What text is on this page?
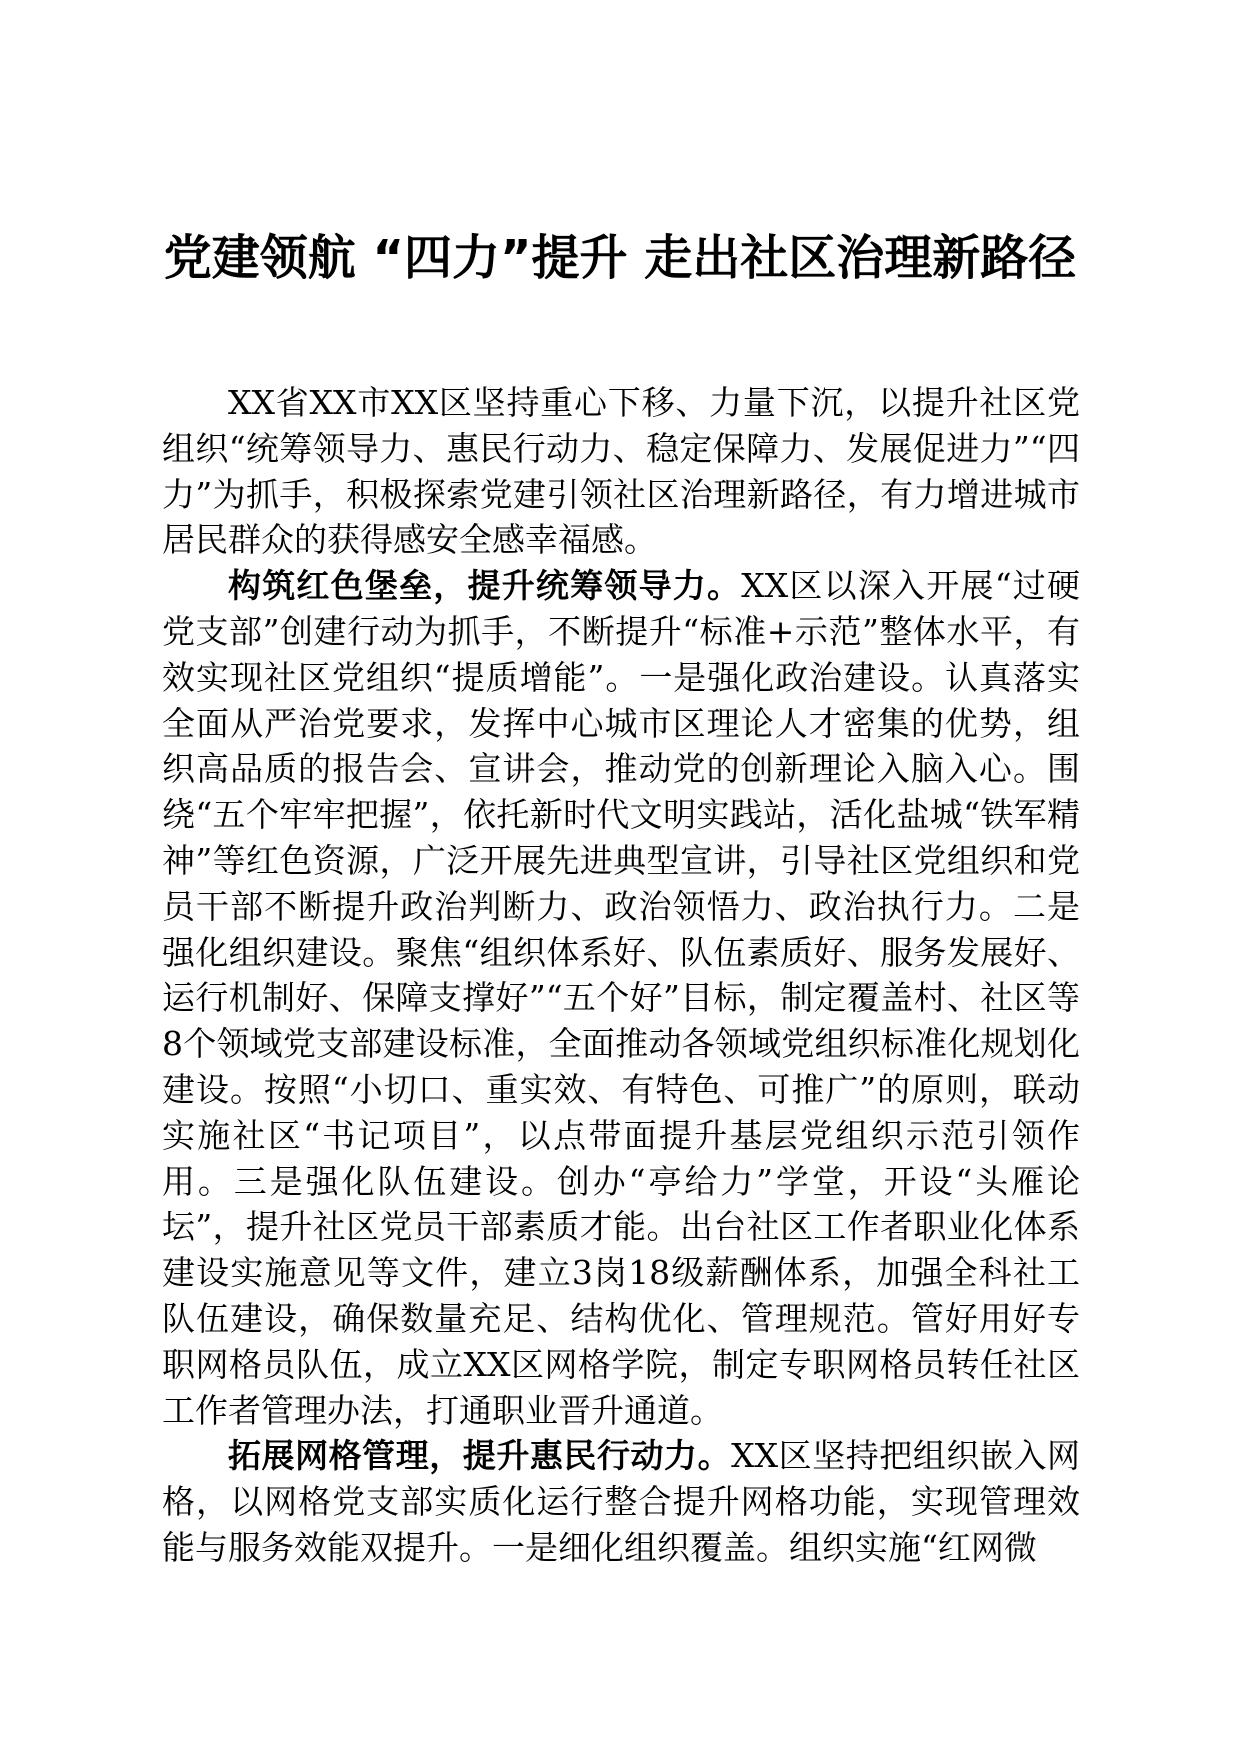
党建领航 “四力”提升 走出社区治理新路径

XX省XX市XX区坚持重心下移、力量下沉，以提升社区党组织“统筹领导力、惠民行动力、稳定保障力、发展促进力”“四力”为抓手，积极探索党建引领社区治理新路径，有力增进城市居民群众的获得感安全感幸福感。

构筑红色堡垒，提升统筹领导力。XX区以深入开展“过硬党支部”创建行动为抓手，不断提升“标准+示范”整体水平，有效实现社区党组织“提质增能”。一是强化政治建设。认真落实全面从严治党要求，发挥中心城市区理论人才密集的优势，组织高品质的报告会、宣讲会，推动党的创新理论入脑入心。围绕“五个牢牢把握”，依托新时代文明实践站，活化盐城“铁军精神”等红色资源，广泛开展先进典型宣讲，引导社区党组织和党员干部不断提升政治判断力、政治领悟力、政治执行力。二是强化组织建设。聚焦“组织体系好、队伍素质好、服务发展好、运行机制好、保障支撑好”“五个好”目标，制定覆盖村、社区等8个领域党支部建设标准，全面推动各领域党组织标准化规划化建设。按照“小切口、重实效、有特色、可推广”的原则，联动实施社区“书记项目”，以点带面提升基层党组织示范引领作用。三是强化队伍建设。创办“亭给力”学堂，开设“头雁论坛”，提升社区党员干部素质才能。出台社区工作者职业化体系建设实施意见等文件，建立3岗18级薪酬体系，加强全科社工队伍建设，确保数量充足、结构优化、管理规范。管好用好专职网格员队伍，成立XX区网格学院，制定专职网格员转任社区工作者管理办法，打通职业晋升通道。

拓展网格管理，提升惠民行动力。XX区坚持把组织嵌入网格，以网格党支部实质化运行整合提升网格功能，实现管理效能与服务效能双提升。一是细化组织覆盖。组织实施“红网微
